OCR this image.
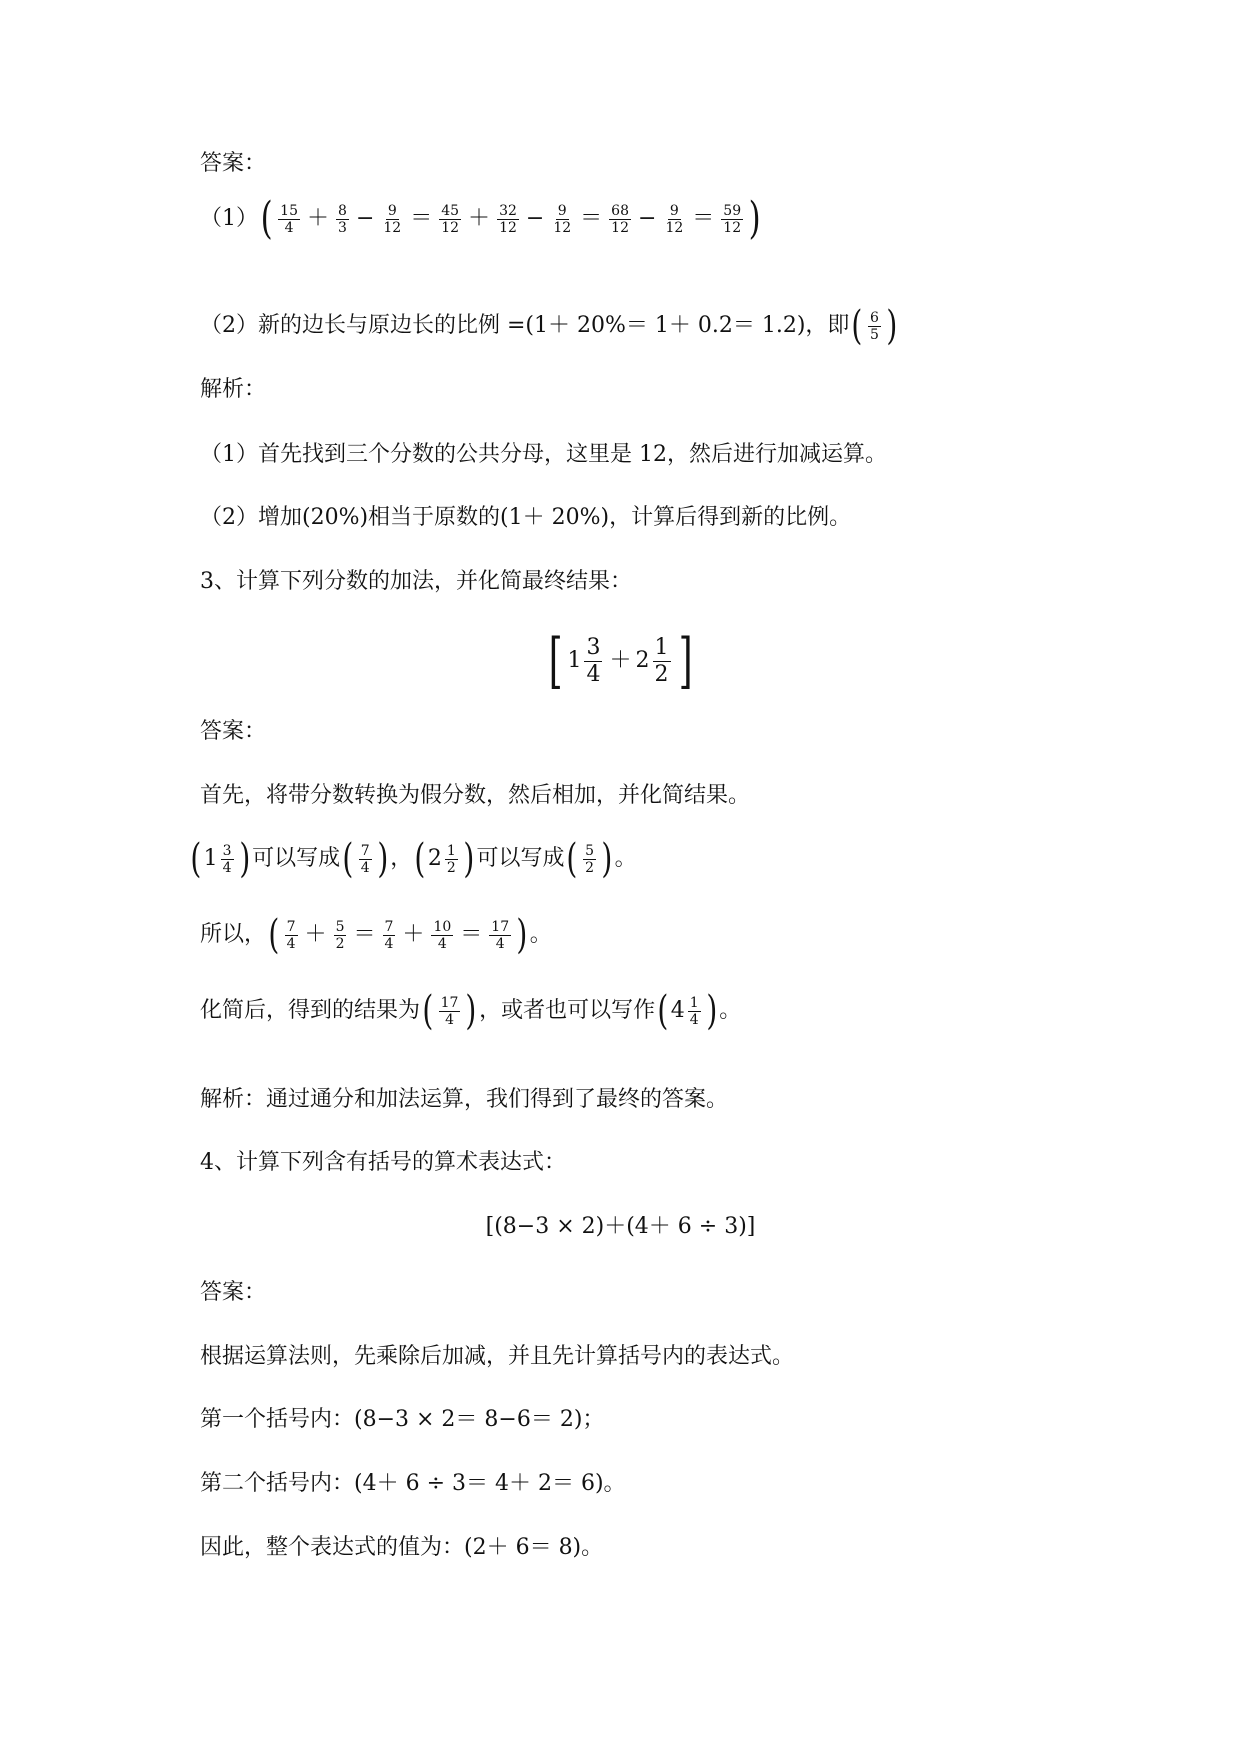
答案：
（1） ( $\frac{15}{4} + \frac{8}{3} - \frac{9}{12} = \frac{45}{12} + \frac{32}{12} - \frac{9}{12} = \frac{68}{12} - \frac{9}{12} = \frac{59}{12}$ )
（2） 新的边长与原边长的比例 =(1＋ 20%＝ 1＋ 0.2＝ 1.2)，即 ( $\frac{6}{5}$ )
解析：
（1）首先找到三个分数的公共分母，这里是 12，然后进行加减运算。
（2）增加(20%)相当于原数的(1＋ 20%)，计算后得到新的比例。
3、计算下列分数的加法，并化简最终结果：
[ $1 \frac{3}{4} + 2 \frac{1}{2}$ ]
答案：
首先，将带分数转换为假分数，然后相加，并化简结果。
( $1 \frac{3}{4}$ ) 可以写成 ( $\frac{7}{4}$ ) ， ( $2 \frac{1}{2}$ ) 可以写成 ( $\frac{5}{2}$ ) 。
所以， ( $\frac{7}{4} + \frac{5}{2} = \frac{7}{4} + \frac{10}{4} = \frac{17}{4}$ ) 。
化简后，得到的结果为 ( $\frac{17}{4}$ ) ，或者也可以写作 ( $4 \frac{1}{4}$ ) 。
解析：通过通分和加法运算，我们得到了最终的答案。
4、计算下列含有括号的算术表达式：
[(8−3 × 2)＋(4＋ 6 ÷ 3)]
答案：
根据运算法则，先乘除后加减，并且先计算括号内的表达式。
第一个括号内：(8−3 × 2＝ 8−6＝ 2)；
第二个括号内：(4＋ 6 ÷ 3＝ 4＋ 2＝ 6)。
因此，整个表达式的值为：(2＋ 6＝ 8)。
